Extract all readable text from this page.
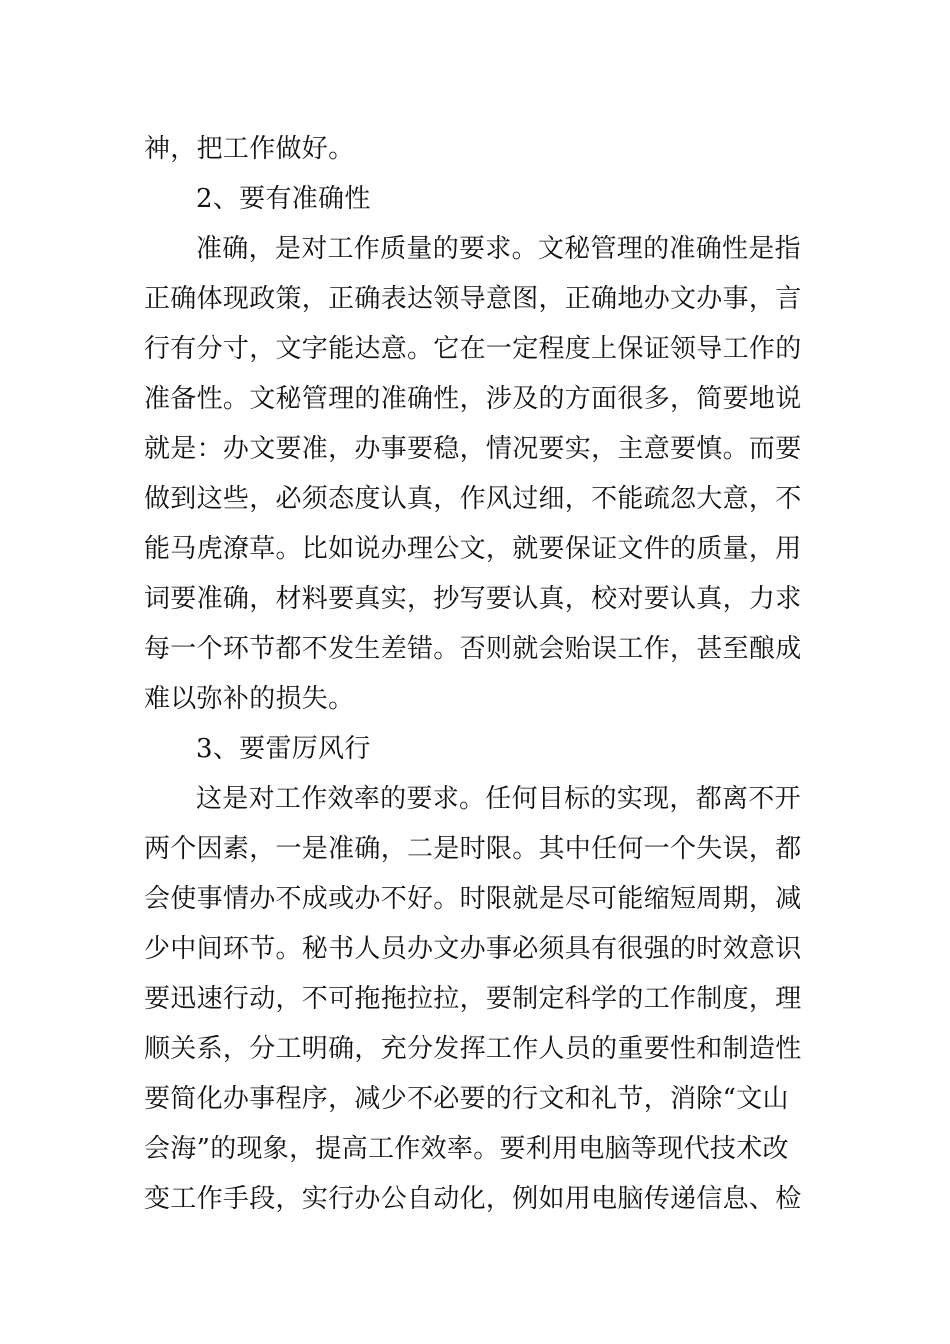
神，把工作做好。
2、要有准确性
准确，是对工作质量的要求。文秘管理的准确性是指
正确体现政策，正确表达领导意图，正确地办文办事，言
行有分寸，文字能达意。它在一定程度上保证领导工作的
准备性。文秘管理的准确性，涉及的方面很多，简要地说
就是：办文要准，办事要稳，情况要实，主意要慎。而要
做到这些，必须态度认真，作风过细，不能疏忽大意，不
能马虎潦草。比如说办理公文，就要保证文件的质量，用
词要准确，材料要真实，抄写要认真，校对要认真，力求
每一个环节都不发生差错。否则就会贻误工作，甚至酿成
难以弥补的损失。
3、要雷厉风行
这是对工作效率的要求。任何目标的实现，都离不开
两个因素，一是准确，二是时限。其中任何一个失误，都
会使事情办不成或办不好。时限就是尽可能缩短周期，减
少中间环节。秘书人员办文办事必须具有很强的时效意识
要迅速行动，不可拖拖拉拉，要制定科学的工作制度，理
顺关系，分工明确，充分发挥工作人员的重要性和制造性
要简化办事程序，减少不必要的行文和礼节，消除“文山
会海”的现象，提高工作效率。要利用电脑等现代技术改
变工作手段，实行办公自动化，例如用电脑传递信息、检
